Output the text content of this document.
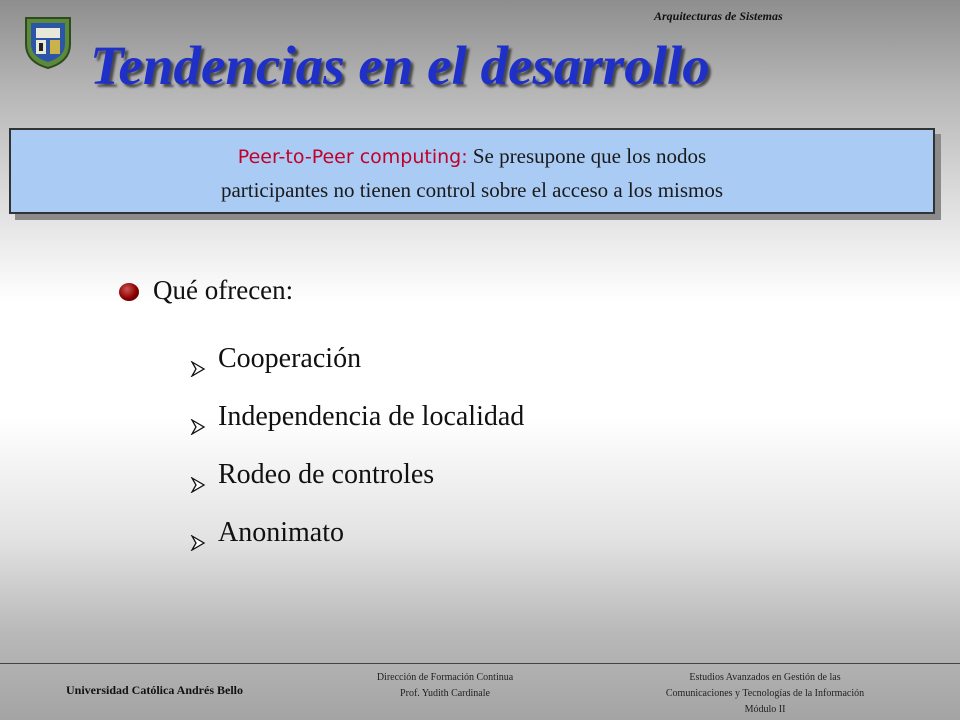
Arquitecturas de Sistemas
Tendencias en el desarrollo
Peer-to-Peer computing: Se presupone que los nodos
participantes no tienen control sobre el acceso a los mismos
Qué ofrecen:
Cooperación
Independencia de localidad
Rodeo de controles
Anonimato
Universidad Católica Andrés Bello
Dirección de Formación Continua
Prof. Yudith Cardinale
Estudios Avanzados en Gestión de las
Comunicaciones y Tecnologías de la Información
Módulo II
